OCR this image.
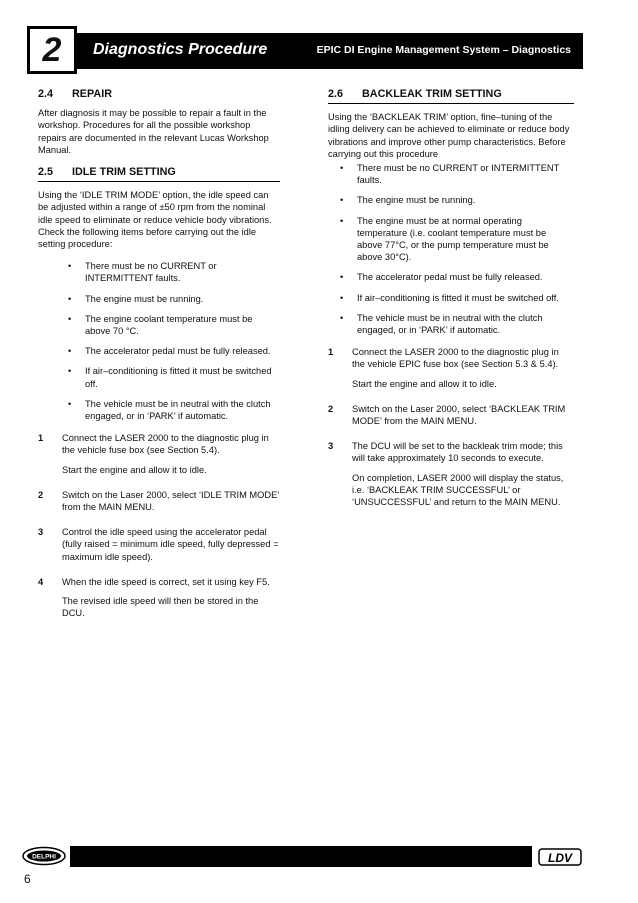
2 Diagnostics Procedure	EPIC DI Engine Management System – Diagnostics
2.4	REPAIR

After diagnosis it may be possible to repair a fault in the workshop. Procedures for all the possible workshop repairs are documented in the relevant Lucas Workshop Manual.

2.5	IDLE TRIM SETTING

Using the ‘IDLE TRIM MODE’ option, the idle speed can be adjusted within a range of ±50 rpm from the nominal idle speed to eliminate or reduce vehicle body vibrations. Check the following items before carrying out the idle setting procedure:

• There must be no CURRENT or INTERMITTENT faults.
• The engine must be running.
• The engine coolant temperature must be above 70 °C.
• The accelerator pedal must be fully released.
• If air–conditioning is fitted it must be switched off.
• The vehicle must be in neutral with the clutch engaged, or in ‘PARK’ if automatic.
1	Connect the LASER 2000 to the diagnostic plug in the vehicle fuse box (see Section 5.4).

Start the engine and allow it to idle.

2	Switch on the Laser 2000, select ‘IDLE TRIM MODE’ from the MAIN MENU.

3	Control the idle speed using the accelerator pedal (fully raised = minimum idle speed, fully depressed = maximum idle speed).

4	When the idle speed is correct, set it using key F5.

The revised idle speed will then be stored in the DCU.

2.6	BACKLEAK TRIM SETTING

Using the ‘BACKLEAK TRIM’ option, fine–tuning of the idling delivery can be achieved to eliminate or reduce body vibrations and improve other pump characteristics. Before carrying out this procedure

• There must be no CURRENT or INTERMITTENT faults.
• The engine must be running.
• The engine must be at normal operating temperature (i.e. coolant temperature must be above 77°C, or the pump temperature must be above 30°C).
• The accelerator pedal must be fully released.
• If air–conditioning is fitted it must be switched off.
• The vehicle must be in neutral with the clutch engaged, or in ‘PARK’ if automatic.
1	Connect the LASER 2000 to the diagnostic plug in the vehicle EPIC fuse box (see Section 5.3 & 5.4).

Start the engine and allow it to idle.

2	Switch on the Laser 2000, select ‘BACKLEAK TRIM MODE’ from the MAIN MENU.

3	The DCU will be set to the backleak trim mode; this will take approximately 10 seconds to execute.

On completion, LASER 2000 will display the status, i.e. ‘BACKLEAK TRIM SUCCESSFUL’ or ‘UNSUCCESSFUL’ and return to the MAIN MENU.

DELPHI	LDV
6
